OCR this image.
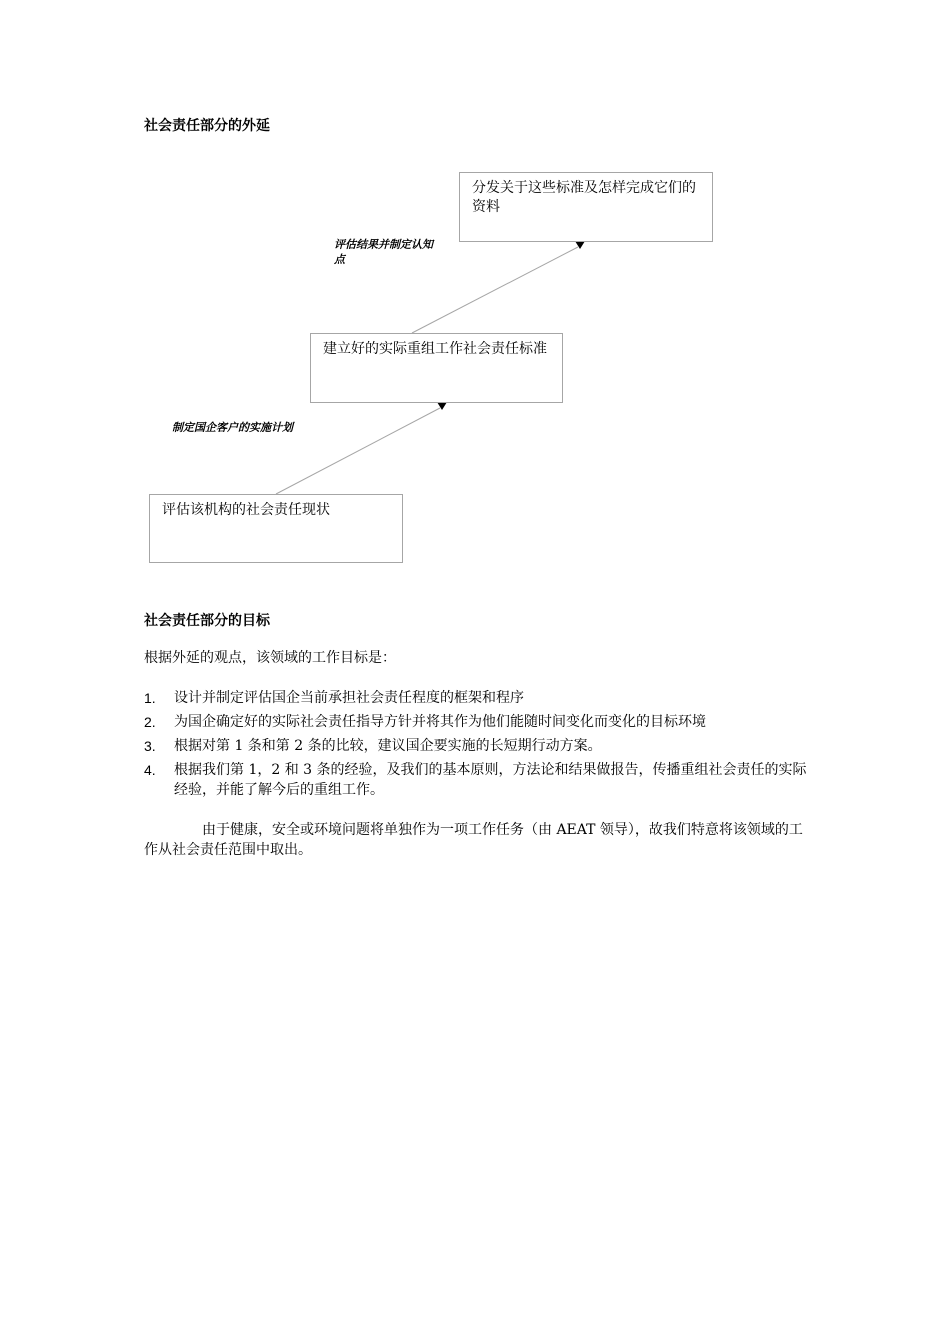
社会责任部分的外延
分发关于这些标准及怎样完成它们的资料
建立好的实际重组工作社会责任标准
评估该机构的社会责任现状
评估结果并制定认知点
制定国企客户的实施计划
社会责任部分的目标
根据外延的观点，该领域的工作目标是：
1. 设计并制定评估国企当前承担社会责任程度的框架和程序
2. 为国企确定好的实际社会责任指导方针并将其作为他们能随时间变化而变化的目标环境
3. 根据对第 1 条和第 2 条的比较，建议国企要实施的长短期行动方案。
4. 根据我们第 1，2 和 3 条的经验，及我们的基本原则，方法论和结果做报告，传播重组社会责任的实际经验，并能了解今后的重组工作。
由于健康，安全或环境问题将单独作为一项工作任务（由 AEAT 领导），故我们特意将该领域的工作从社会责任范围中取出。
